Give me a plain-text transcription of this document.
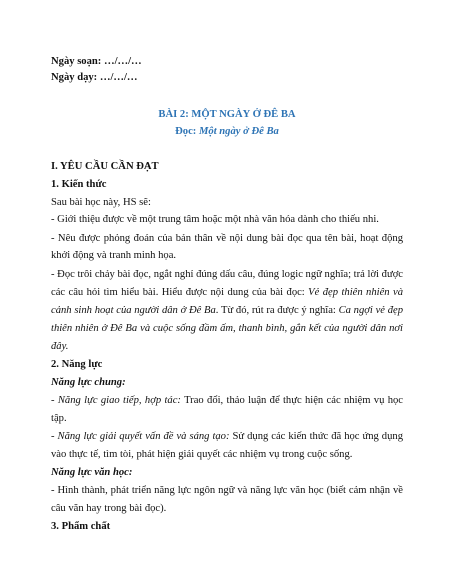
Ngày soạn: …/…/…
Ngày dạy: …/…/…
BÀI 2: MỘT NGÀY Ở ĐÊ BA
Đọc: Một ngày ở Đê Ba
I. YÊU CẦU CẦN ĐẠT
1. Kiến thức
Sau bài học này, HS sẽ:
- Giới thiệu được về một trung tâm hoặc một nhà văn hóa dành cho thiếu nhi.
- Nêu được phỏng đoán của bản thân về nội dung bài đọc qua tên bài, hoạt động
khởi động và tranh minh họa.
- Đọc trôi chảy bài đọc, ngắt nghỉ đúng dấu câu, đúng logic ngữ nghĩa; trả lời được
các câu hỏi tìm hiểu bài. Hiểu được nội dung của bài đọc: Vẻ đẹp thiên nhiên và
cảnh sinh hoạt của người dân ở Đê Ba. Từ đó, rút ra được ý nghĩa: Ca ngợi vẻ đẹp
thiên nhiên ở Đê Ba và cuộc sống đầm ấm, thanh bình, gắn kết của người dân nơi
đây.
2. Năng lực
Năng lực chung:
- Năng lực giao tiếp, hợp tác: Trao đổi, thảo luận để thực hiện các nhiệm vụ học
tập.
- Năng lực giải quyết vấn đề và sáng tạo: Sử dụng các kiến thức đã học ứng dụng
vào thực tế, tìm tòi, phát hiện giải quyết các nhiệm vụ trong cuộc sống.
Năng lực văn học:
- Hình thành, phát triển năng lực ngôn ngữ và năng lực văn học (biết cảm nhận về
câu văn hay trong bài đọc).
3. Phẩm chất
